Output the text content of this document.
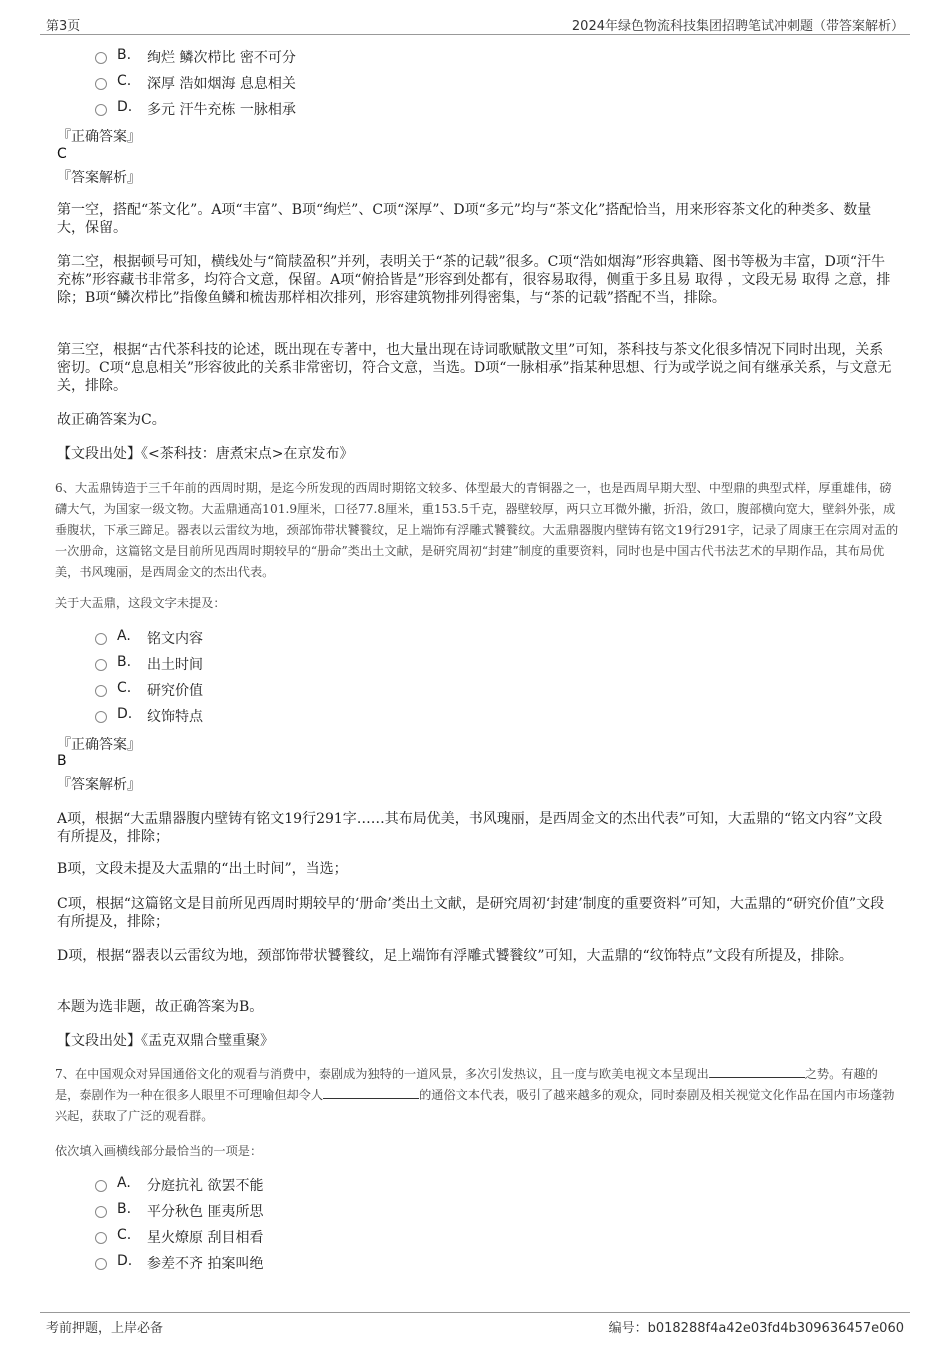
第3页	2024年绿色物流科技集团招聘笔试冲刺题（带答案解析）
B. 绚烂 鳞次栉比 密不可分
C. 深厚 浩如烟海 息息相关
D. 多元 汗牛充栋 一脉相承
『正确答案』
C
『答案解析』
第一空，搭配“茶文化”。A项“丰富”、B项“绚烂”、C项“深厚”、D项“多元”均与“茶文化”搭配恰当，用来形容茶文化的种类多、数量大，保留。
第二空，根据顿号可知，横线处与“简牍盈积”并列，表明关于“茶的记载”很多。C项“浩如烟海”形容典籍、图书等极为丰富，D项“汗牛充栋”形容藏书非常多，均符合文意，保留。A项“俯拾皆是”形容到处都有，很容易取得，侧重于多且易 取得 ，文段无易 取得 之意，排除；B项“鳞次栉比”指像鱼鳞和梳齿那样相次排列，形容建筑物排列得密集，与“茶的记载”搭配不当，排除。
第三空，根据“古代茶科技的论述，既出现在专著中，也大量出现在诗词歌赋散文里”可知，茶科技与茶文化很多情况下同时出现，关系密切。C项“息息相关”形容彼此的关系非常密切，符合文意，当选。D项“一脉相承”指某种思想、行为或学说之间有继承关系，与文意无关，排除。
故正确答案为C。
【文段出处】《<茶科技：唐煮宋点>在京发布》
6、大盂鼎铸造于三千年前的西周时期，是迄今所发现的西周时期铭文较多、体型最大的青铜器之一，也是西周早期大型、中型鼎的典型式样，厚重雄伟，磅礴大气，为国家一级文物。大盂鼎通高101.9厘米，口径77.8厘米，重153.5千克，器壁较厚，两只立耳微外撇，折沿，敛口，腹部横向宽大，壁斜外张，成垂腹状，下承三蹄足。器表以云雷纹为地，颈部饰带状饕餮纹，足上端饰有浮雕式饕餮纹。大盂鼎器腹内壁铸有铭文19行291字，记录了周康王在宗周对盂的一次册命，这篇铭文是目前所见西周时期较早的“册命”类出土文献，是研究周初“封建”制度的重要资料，同时也是中国古代书法艺术的早期作品，其布局优美，书风瑰丽，是西周金文的杰出代表。
关于大盂鼎，这段文字未提及：
A. 铭文内容
B. 出土时间
C. 研究价值
D. 纹饰特点
『正确答案』
B
『答案解析』
A项，根据“大盂鼎器腹内壁铸有铭文19行291字……其布局优美，书风瑰丽，是西周金文的杰出代表”可知，大盂鼎的“铭文内容”文段有所提及，排除；
B项，文段未提及大盂鼎的“出土时间”，当选；
C项，根据“这篇铭文是目前所见西周时期较早的‘册命’类出土文献，是研究周初‘封建’制度的重要资料”可知，大盂鼎的“研究价值”文段有所提及，排除；
D项，根据“器表以云雷纹为地，颈部饰带状饕餮纹，足上端饰有浮雕式饕餮纹”可知，大盂鼎的“纹饰特点”文段有所提及，排除。
本题为选非题，故正确答案为B。
【文段出处】《盂克双鼎合璧重聚》
7、在中国观众对异国通俗文化的观看与消费中，泰剧成为独特的一道风景，多次引发热议，且一度与欧美电视文本呈现出	之势。有趣的是，泰剧作为一种在很多人眼里不可理喻但却令人	的通俗文本代表，吸引了越来越多的观众，同时泰剧及相关视觉文化作品在国内市场蓬勃兴起，获取了广泛的观看群。
依次填入画横线部分最恰当的一项是：
A. 分庭抗礼 欲罢不能
B. 平分秋色 匪夷所思
C. 星火燎原 刮目相看
D. 参差不齐 拍案叫绝
考前押题，上岸必备	编号：b018288f4a42e03fd4b309636457e060
